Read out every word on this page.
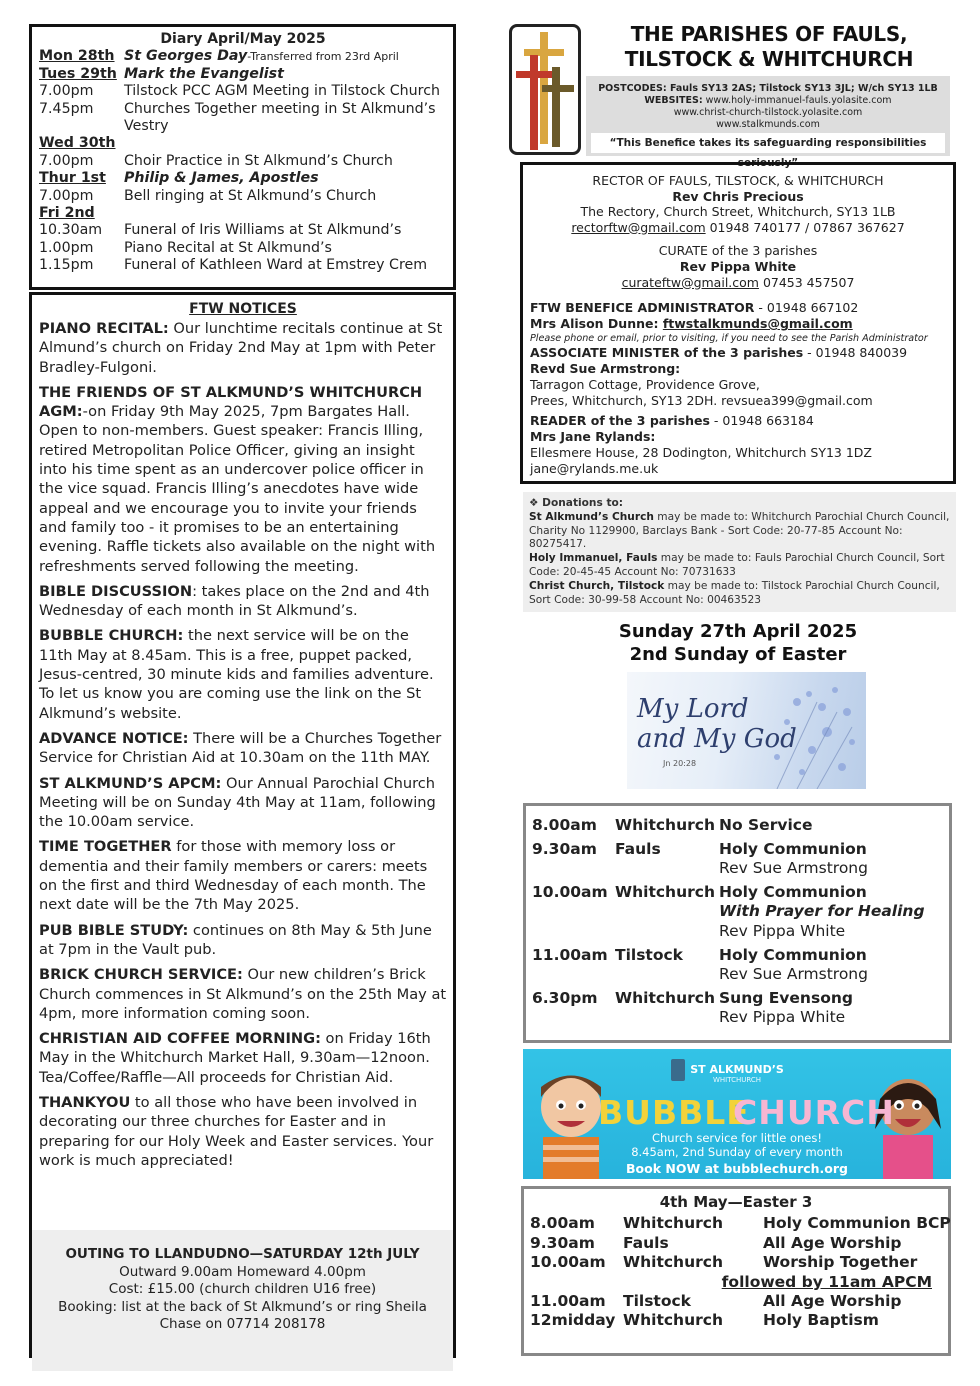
Diary April/May 2025
Mon 28th St Georges Day -Transferred from 23rd April
Tues 29th Mark the Evangelist
7.00pm	Tilstock PCC AGM Meeting in Tilstock Church
7.45pm	Churches Together meeting in St Alkmund’s Vestry
Wed 30th
7.00pm	Choir Practice in St Alkmund’s Church
Thur 1st	Philip & James, Apostles
7.00pm	Bell ringing at St Alkmund’s Church
Fri 2nd
10.30am	Funeral of Iris Williams at St Alkmund’s
1.00pm	Piano Recital at St Alkmund’s
1.15pm	Funeral of Kathleen Ward at Emstrey Crem
FTW NOTICES
PIANO RECITAL: Our lunchtime recitals continue at St Almund’s church on Friday 2nd May at 1pm with Peter Bradley-Fulgoni.
THE FRIENDS OF ST ALKMUND’S WHITCHURCH AGM:-on Friday 9th May 2025, 7pm Bargates Hall. Open to non-members. Guest speaker: Francis Illing, retired Metropolitan Police Officer, giving an insight into his time spent as an undercover police officer in the vice squad. Francis Illing’s anecdotes have wide appeal and we encourage you to invite your friends and family too - it promises to be an entertaining evening. Raffle tickets also available on the night with refreshments served following the meeting.
BIBLE DISCUSSION: takes place on the 2nd and 4th Wednesday of each month in St Alkmund’s.
BUBBLE CHURCH: the next service will be on the 11th May at 8.45am. This is a free, puppet packed, Jesus-centred, 30 minute kids and families adventure. To let us know you are coming use the link on the St Alkmund’s website.
ADVANCE NOTICE: There will be a Churches Together Service for Christian Aid at 10.30am on the 11th MAY.
ST ALKMUND’S APCM: Our Annual Parochial Church Meeting will be on Sunday 4th May at 11am, following the 10.00am service.
TIME TOGETHER for those with memory loss or dementia and their family members or carers: meets on the first and third Wednesday of each month. The next date will be the 7th May 2025.
PUB BIBLE STUDY: continues on 8th May & 5th June at 7pm in the Vault pub.
BRICK CHURCH SERVICE: Our new children’s Brick Church commences in St Alkmund’s on the 25th May at 4pm, more information coming soon.
CHRISTIAN AID COFFEE MORNING: on Friday 16th May in the Whitchurch Market Hall, 9.30am—12noon. Tea/Coffee/Raffle—All proceeds for Christian Aid.
THANKYOU to all those who have been involved in decorating our three churches for Easter and in preparing for our Holy Week and Easter services. Your work is much appreciated!
OUTING TO LLANDUDNO—SATURDAY 12th JULY
Outward 9.00am Homeward 4.00pm
Cost: £15.00 (church children U16 free)
Booking: list at the back of St Alkmund’s or ring Sheila
Chase on 07714 208178
THE PARISHES OF FAULS,
TILSTOCK & WHITCHURCH
POSTCODES: Fauls SY13 2AS; Tilstock SY13 3JL; W/ch SY13 1LB
WEBSITES: www.holy-immanuel-fauls.yolasite.com
www.christ-church-tilstock.yolasite.com
www.stalkmunds.com
“This Benefice takes its safeguarding responsibilities seriously”
RECTOR OF FAULS, TILSTOCK, & WHITCHURCH
Rev Chris Precious
The Rectory, Church Street, Whitchurch, SY13 1LB
rectorftw@gmail.com 01948 740177 / 07867 367627
CURATE of the 3 parishes
Rev Pippa White
curateftw@gmail.com 07453 457507
FTW BENEFICE ADMINISTRATOR - 01948 667102
Mrs Alison Dunne: ftwstalkmunds@gmail.com
Please phone or email, prior to visiting, if you need to see the Parish Administrator
ASSOCIATE MINISTER of the 3 parishes - 01948 840039
Revd Sue Armstrong:
Tarragon Cottage, Providence Grove,
Prees, Whitchurch, SY13 2DH. revsuea399@gmail.com
READER of the 3 parishes - 01948 663184
Mrs Jane Rylands:
Ellesmere House, 28 Dodington, Whitchurch SY13 1DZ
jane@rylands.me.uk
❖ Donations to:
St Alkmund’s Church may be made to: Whitchurch Parochial Church Council, Charity No 1129900, Barclays Bank - Sort Code: 20-77-85 Account No: 80275417.
Holy Immanuel, Fauls may be made to: Fauls Parochial Church Council, Sort Code: 20-45-45 Account No: 70731633
Christ Church, Tilstock may be made to: Tilstock Parochial Church Council, Sort Code: 30-99-58 Account No: 00463523
Sunday 27th April 2025
2nd Sunday of Easter
My Lord
and My God
Jn 20:28
8.00am	Whitchurch No Service
9.30am	Fauls	Holy Communion
Rev Sue Armstrong
10.00am Whitchurch Holy Communion
With Prayer for Healing
Rev Pippa White
11.00am Tilstock	Holy Communion
Rev Sue Armstrong
6.30pm	Whitchurch Sung Evensong
Rev Pippa White
ST ALKMUND’S
WHITCHURCH
BUBBLE
CHURCH
Church service for little ones!
8.45am, 2nd Sunday of every month
Book NOW at bubblechurch.org
4th May—Easter 3
8.00am	Whitchurch	Holy Communion BCP
9.30am	Fauls	All Age Worship
10.00am	Whitchurch	Worship Together
followed by 11am APCM
11.00am	Tilstock	All Age Worship
12midday Whitchurch	Holy Baptism
